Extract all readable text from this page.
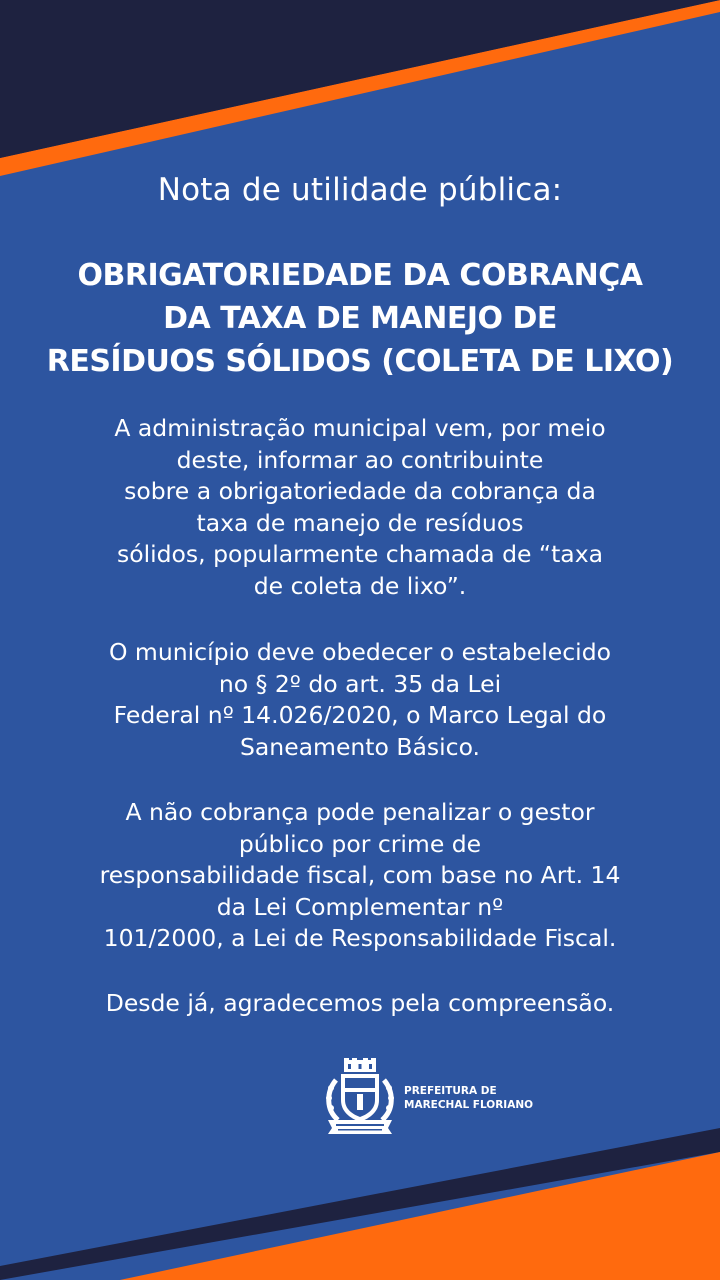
Nota de utilidade pública:
OBRIGATORIEDADE DA COBRANÇA
DA TAXA DE MANEJO DE
RESÍDUOS SÓLIDOS (COLETA DE LIXO)
A administração municipal vem, por meio
deste, informar ao contribuinte
sobre a obrigatoriedade da cobrança da
taxa de manejo de resíduos
sólidos, popularmente chamada de “taxa
de coleta de lixo”.
O município deve obedecer o estabelecido
no § 2º do art. 35 da Lei
Federal nº 14.026/2020, o Marco Legal do
Saneamento Básico.
A não cobrança pode penalizar o gestor
público por crime de
responsabilidade fiscal, com base no Art. 14
da Lei Complementar nº
101/2000, a Lei de Responsabilidade Fiscal.
Desde já, agradecemos pela compreensão.
PREFEITURA DE
MARECHAL FLORIANO
